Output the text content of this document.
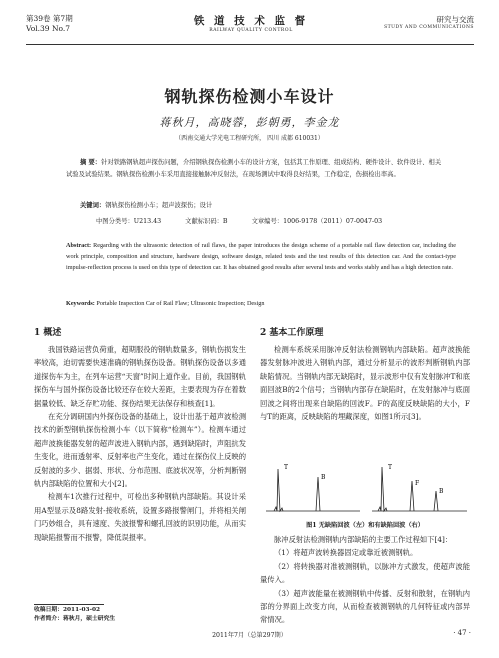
第39卷 第7期
Vol.39 No.7
铁 道 技 术 监 督
RAILWAY QUALITY CONTROL
研究与交流
STUDY AND COMMUNICATIONS
钢轨探伤检测小车设计
蒋秋月，高晓蓉，彭朝勇，李金龙
（西南交通大学光电工程研究所， 四川 成都 610031）
摘 要：针对铁路钢轨超声探伤问题，介绍钢轨探伤检测小车的设计方案，包括其工作原理、组成结构、硬件设计、软件设计、相关试验及试验结果。钢轨探伤检测小车采用直接接触脉冲反射法，在现场测试中取得良好结果，工作稳定，伤损检出率高。
关键词：钢轨探伤检测小车；超声波探伤；设计
中图分类号：U213.43	文献标识码：B	文章编号：1006-9178（2011）07-0047-03
Abstract: Regarding with the ultrasonic detection of rail flaws, the paper introduces the design scheme of a portable rail flaw detection car, including the work principle, composition and structure, hardware design, software design, related tests and the test results of this detection car. And the contact-type impulse-reflection process is used on this type of detection car. It has obtained good results after several tests and works stably and has a high detection rate.
Keywords: Portable Inspection Car of Rail Flaw; Ultrasonic Inspection; Design
1 概述

我国铁路运营负荷重，超期服役的钢轨数量多，钢轨伤损发生率较高，迫切需要快速准确的钢轨探伤设备。钢轨探伤设备以多通道探伤车为主，在列车运营“天窗”时间上道作业。目前，我国钢轨探伤车与国外探伤设备比较还存在较大差距，主要表现为存在着数据量较低、缺乏存贮功能、探伤结果无法保存和核查[1]。

在充分调研国内外探伤设备的基础上，设计出基于超声波检测技术的新型钢轨探伤检测小车（以下简称“检测车”）。检测车通过超声波换能器发射的超声波进入钢轨内部，遇到缺陷时，声阻抗发生变化，进而透射率、反射率也产生变化，通过在探伤仪上反映的反射波的多少、据弱、形状、分布范围、底波状况等，分析判断钢轨内部缺陷的位置和大小[2]。

检测车1次推行过程中，可检出多种钢轨内部缺陷。其设计采用A型显示及8路发射-接收系统，设置多路报警闸门，并将相关闸门巧妙组合，具有速度、失波报警和螺孔回波的识别功能，从而实现缺陷报警而不报警，降低误报率。

收稿日期：2011-03-02
作者简介：蒋秋月，硕士研究生
2 基本工作原理

检测车系统采用脉冲反射法检测钢轨内部缺陷。超声波换能器发射脉冲波进入钢轨内部，通过分析显示的波形判断钢轨内部缺陷情况。当钢轨内部无缺陷时，显示波形中仅有发射脉冲T和底面回波B的2个信号；当钢轨内部存在缺陷时，在发射脉冲与底面回波之间将出现来自缺陷的回波F。F的高度反映缺陷的大小，F与T的距离，反映缺陷的埋藏深度，如图1所示[3]。

T
B
T
F
B
图1 无缺陷回波（左）和有缺陷回波（右）

脉冲反射法检测钢轨内部缺陷的主要工作过程如下[4]：

（1）将超声波转换器固定或靠近被测钢轨。

（2）将转换器对准被测钢轨，以脉冲方式激发，使超声波能量传入。

（3）超声波能量在被测钢轨中传播、反射和散射，在钢轨内部的分界面上改变方向，从而检查被测钢轨的几何特征或内部异常情况。

2011年7月（总第297期）	· 47 ·
